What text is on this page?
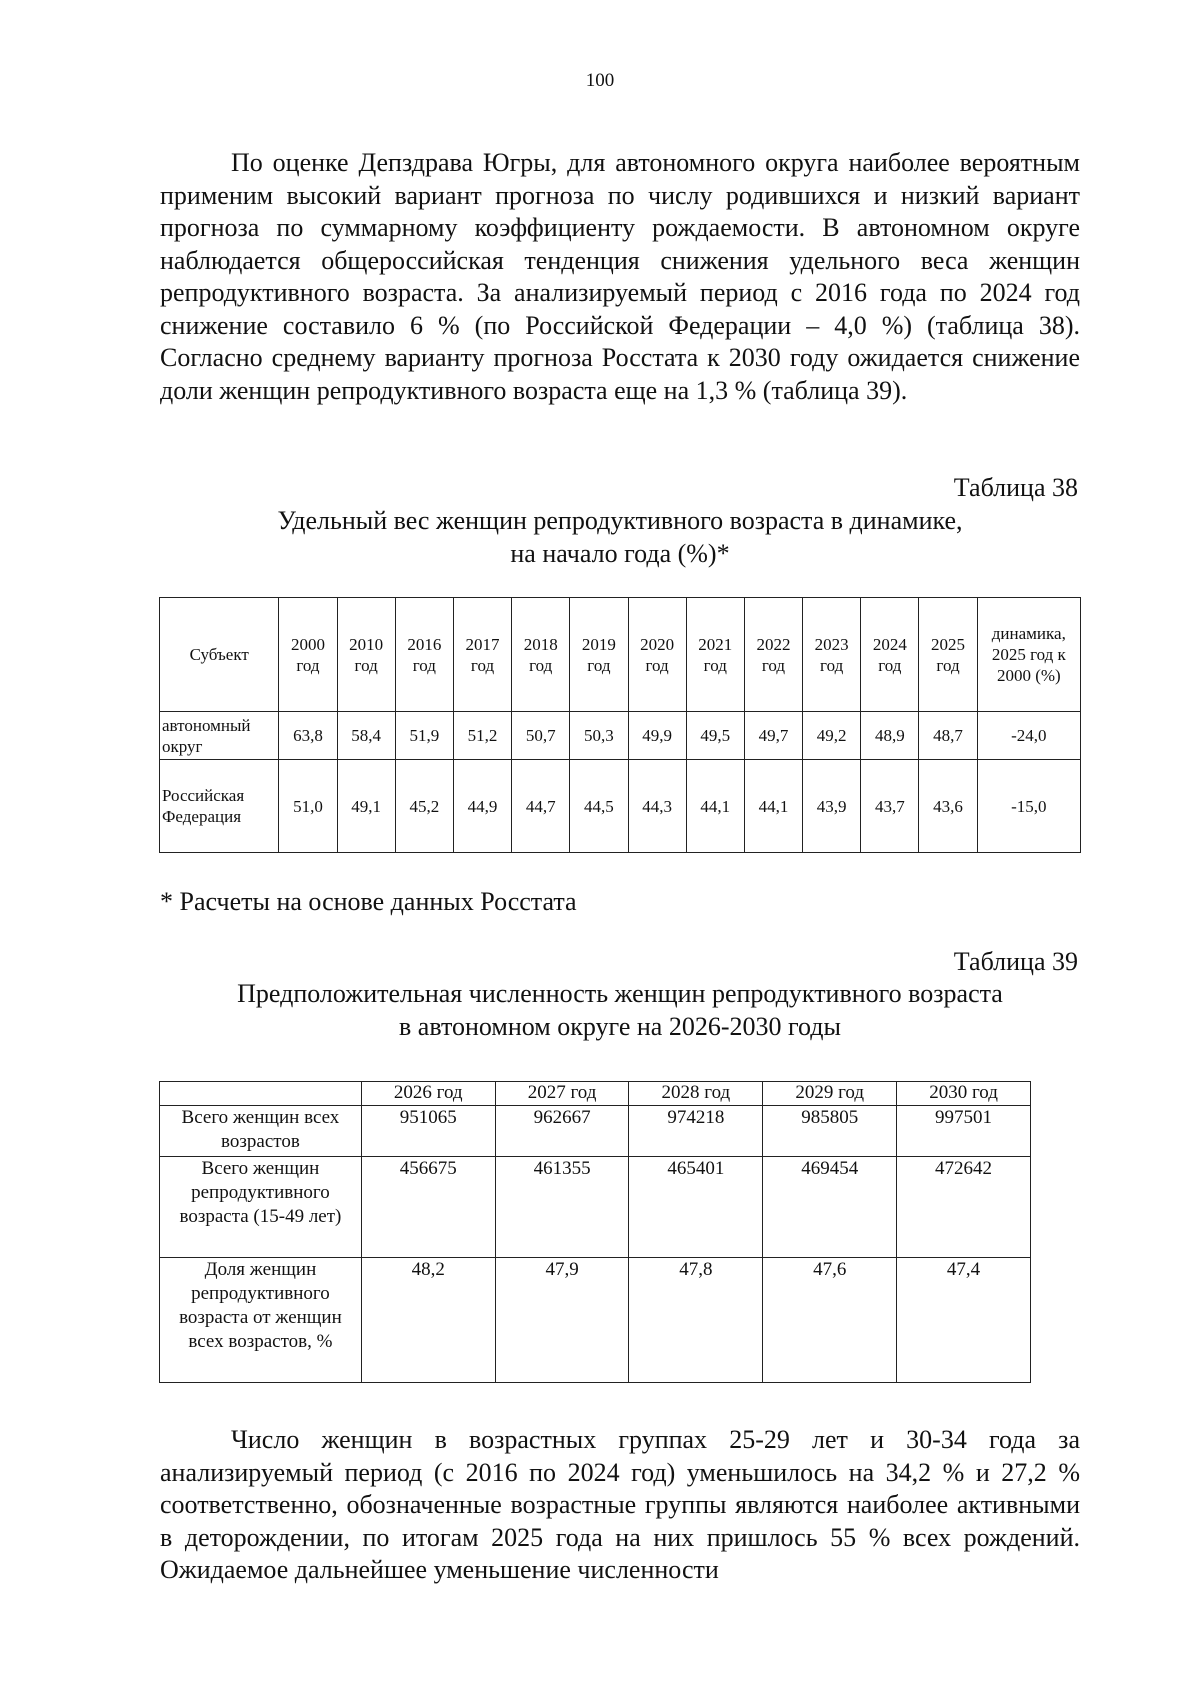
100

По оценке Депздрава Югры, для автономного округа наиболее вероятным применим высокий вариант прогноза по числу родившихся и низкий вариант прогноза по суммарному коэффициенту рождаемости. В автономном округе наблюдается общероссийская тенденция снижения удельного веса женщин репродуктивного возраста. За анализируемый период с 2016 года по 2024 год снижение составило 6 % (по Российской Федерации – 4,0 %) (таблица 38). Согласно среднему варианту прогноза Росстата к 2030 году ожидается снижение доли женщин репродуктивного возраста еще на 1,3 % (таблица 39).

Таблица 38
Удельный вес женщин репродуктивного возраста в динамике,
на начало года (%)*
Субъект	2000 год	2010 год	2016 год	2017 год	2018 год	2019 год	2020 год	2021 год	2022 год	2023 год	2024 год	2025 год	динамика, 2025 год к 2000 (%)
автономный округ	63,8	58,4	51,9	51,2	50,7	50,3	49,9	49,5	49,7	49,2	48,9	48,7	-24,0
Российская Федерация	51,0	49,1	45,2	44,9	44,7	44,5	44,3	44,1	44,1	43,9	43,7	43,6	-15,0
* Расчеты на основе данных Росстата
Таблица 39
Предположительная численность женщин репродуктивного возраста
в автономном округе на 2026-2030 годы
	2026 год	2027 год	2028 год	2029 год	2030 год
Всего женщин всех возрастов	951065	962667	974218	985805	997501
Всего женщин репродуктивного возраста (15-49 лет)	456675	461355	465401	469454	472642
Доля женщин репродуктивного возраста от женщин всех возрастов, %	48,2	47,9	47,8	47,6	47,4

Число женщин в возрастных группах 25-29 лет и 30-34 года за анализируемый период (с 2016 по 2024 год) уменьшилось на 34,2 % и 27,2 % соответственно, обозначенные возрастные группы являются наиболее активными в деторождении, по итогам 2025 года на них пришлось 55 % всех рождений. Ожидаемое дальнейшее уменьшение численности
